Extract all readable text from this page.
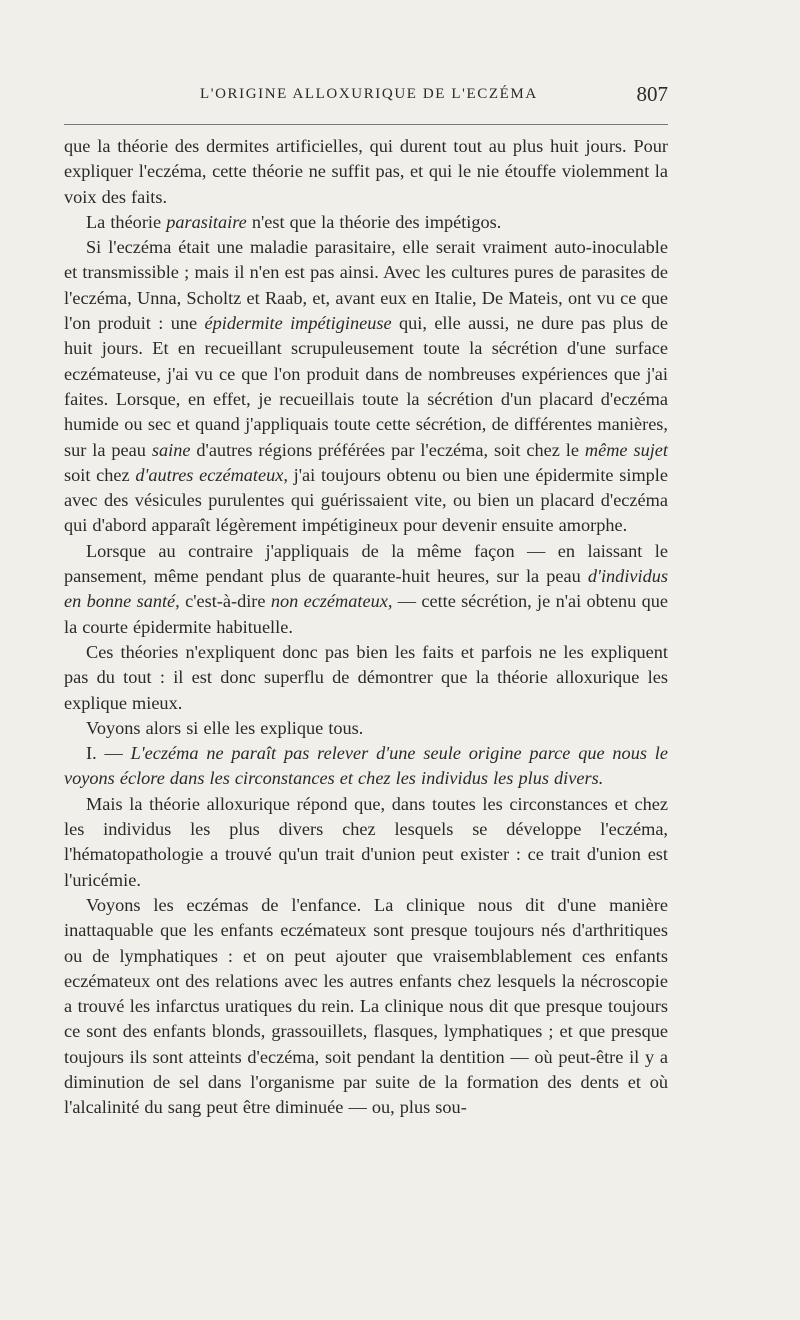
L'ORIGINE ALLOXURIQUE DE L'ECZÉMA	807

que la théorie des dermites artificielles, qui durent tout au plus huit jours. Pour expliquer l'eczéma, cette théorie ne suffit pas, et qui le nie étouffe violemment la voix des faits.

La théorie parasitaire n'est que la théorie des impétigos.

Si l'eczéma était une maladie parasitaire, elle serait vraiment auto-inoculable et transmissible ; mais il n'en est pas ainsi. Avec les cultures pures de parasites de l'eczéma, Unna, Scholtz et Raab, et, avant eux en Italie, De Mateis, ont vu ce que l'on produit : une épidermite impétigineuse qui, elle aussi, ne dure pas plus de huit jours. Et en recueillant scrupuleusement toute la sécrétion d'une surface eczémateuse, j'ai vu ce que l'on produit dans de nombreuses expériences que j'ai faites. Lorsque, en effet, je recueillais toute la sécrétion d'un placard d'eczéma humide ou sec et quand j'appliquais toute cette sécrétion, de différentes manières, sur la peau saine d'autres régions préférées par l'eczéma, soit chez le même sujet soit chez d'autres eczémateux, j'ai toujours obtenu ou bien une épidermite simple avec des vésicules purulentes qui guérissaient vite, ou bien un placard d'eczéma qui d'abord apparaît légèrement impétigineux pour devenir ensuite amorphe.

Lorsque au contraire j'appliquais de la même façon — en laissant le pansement, même pendant plus de quarante-huit heures, sur la peau d'individus en bonne santé, c'est-à-dire non eczémateux, — cette sécrétion, je n'ai obtenu que la courte épidermite habituelle.

Ces théories n'expliquent donc pas bien les faits et parfois ne les expliquent pas du tout : il est donc superflu de démontrer que la théorie alloxurique les explique mieux.

Voyons alors si elle les explique tous.

I. — L'eczéma ne paraît pas relever d'une seule origine parce que nous le voyons éclore dans les circonstances et chez les individus les plus divers.

Mais la théorie alloxurique répond que, dans toutes les circonstances et chez les individus les plus divers chez lesquels se développe l'eczéma, l'hématopathologie a trouvé qu'un trait d'union peut exister : ce trait d'union est l'uricémie.

Voyons les eczémas de l'enfance. La clinique nous dit d'une manière inattaquable que les enfants eczémateux sont presque toujours nés d'arthritiques ou de lymphatiques : et on peut ajouter que vraisemblablement ces enfants eczémateux ont des relations avec les autres enfants chez lesquels la nécroscopie a trouvé les infarctus uratiques du rein. La clinique nous dit que presque toujours ce sont des enfants blonds, grassouillets, flasques, lymphatiques ; et que presque toujours ils sont atteints d'eczéma, soit pendant la dentition — où peut-être il y a diminution de sel dans l'organisme par suite de la formation des dents et où l'alcalinité du sang peut être diminuée — ou, plus sou-
